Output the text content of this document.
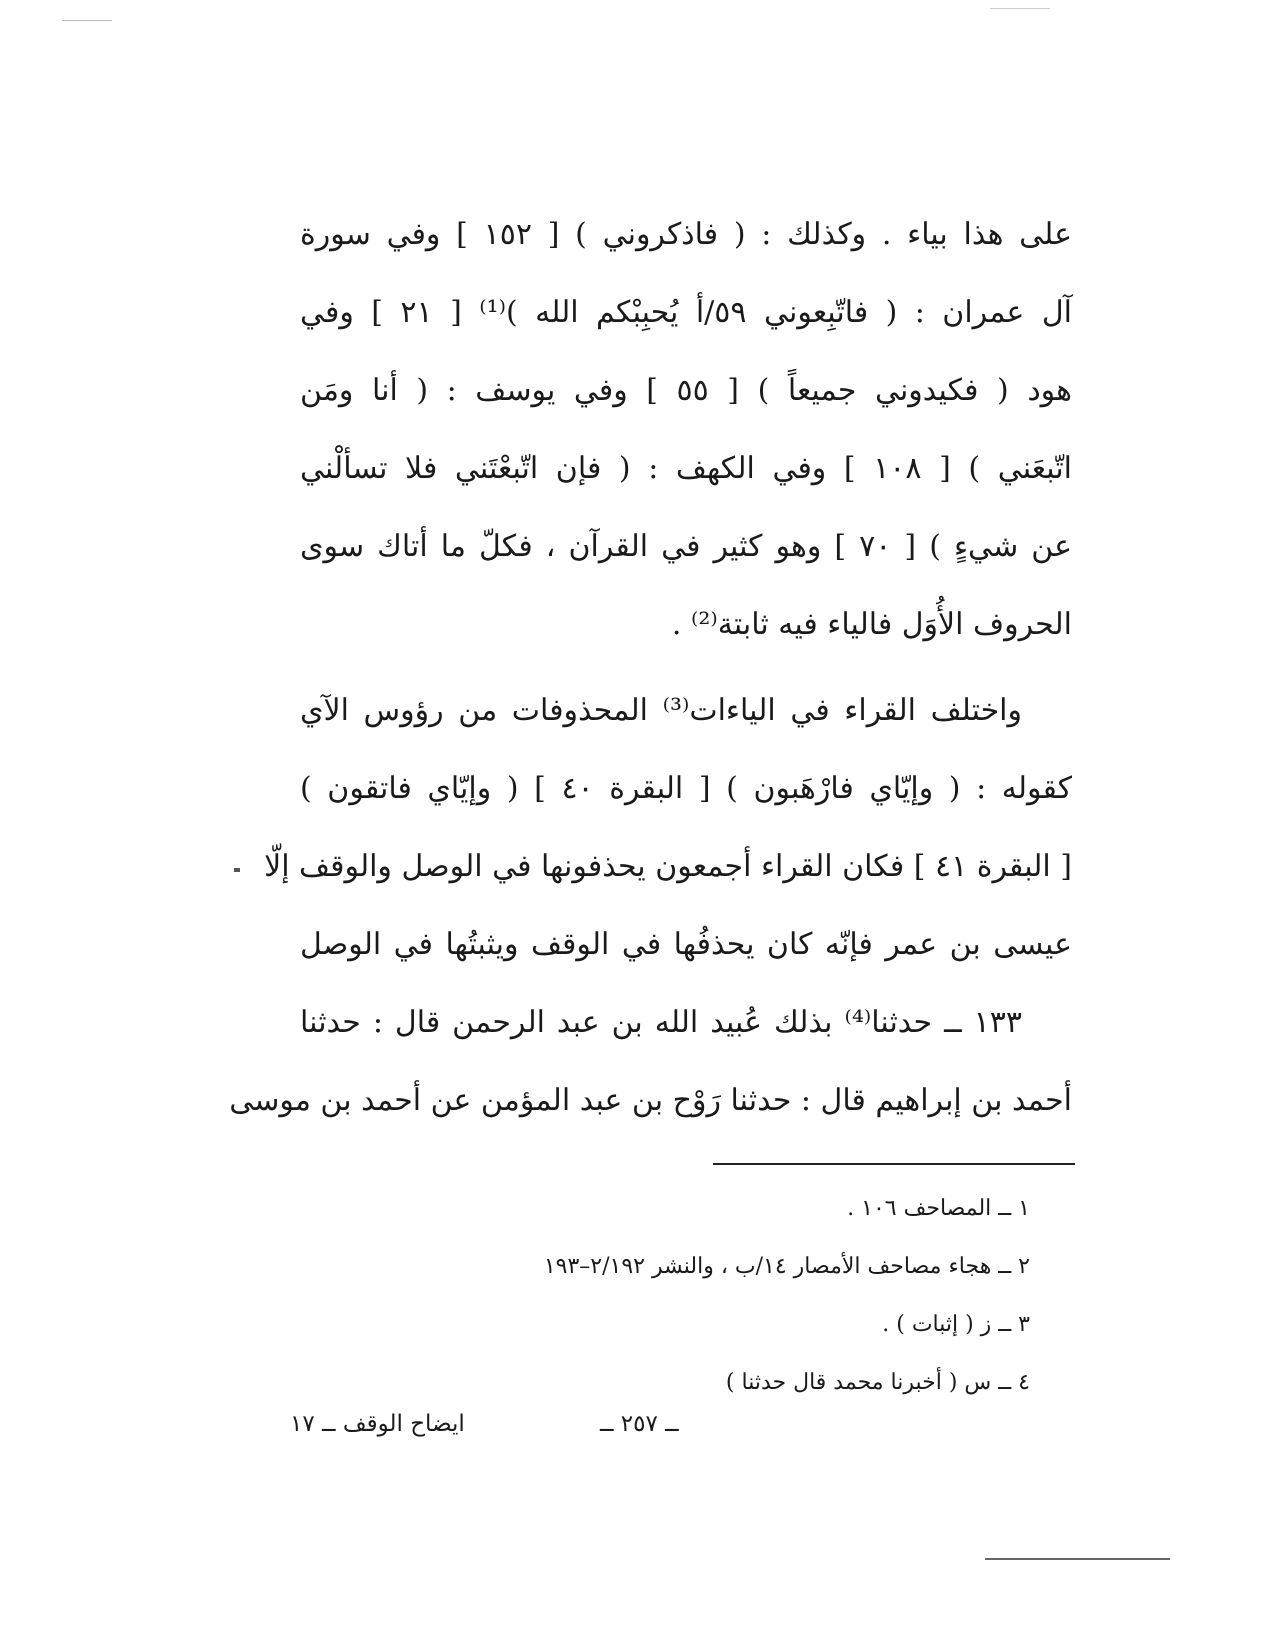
على هذا بياء . وكذلك : ( فاذكروني ) [ ١٥٢ ] وفي سورة
آل عمران : ( فاتّبِعوني ٥٩/أ يُحبِبْكم الله )⁽¹⁾ [ ٢١ ] وفي
هود ( فكيدوني جميعاً ) [ ٥٥ ] وفي يوسف : ( أنا ومَن
اتّبعَني ) [ ١٠٨ ] وفي الكهف : ( فإن اتّبعْتَني فلا تسألْني
عن شيءٍ ) [ ٧٠ ] وهو كثير في القرآن ، فكلّ ما أتاك سوى
الحروف الأُوَل فالياء فيه ثابتة⁽²⁾ .
واختلف القراء في الياءات⁽³⁾ المحذوفات من رؤوس الآي
كقوله : ( وإيّاي فارْهَبون ) [ البقرة ٤٠ ] ( وإيّاي فاتقون )
[ البقرة ٤١ ] فكان القراء أجمعون يحذفونها في الوصل والوقف إلّا
عيسى بن عمر فإنّه كان يحذفُها في الوقف ويثبتُها في الوصل
١٣٣ ــ حدثنا⁽⁴⁾ بذلك عُبيد الله بن عبد الرحمن قال : حدثنا
أحمد بن إبراهيم قال : حدثنا رَوْح بن عبد المؤمن عن أحمد بن موسى
١ ــ المصاحف ١٠٦ .
٢ ــ هجاء مصاحف الأمصار ١٤/ب ، والنشر ٢/١٩٢–١٩٣
٣ ــ ز ( إثبات ) .
٤ ــ س ( أخبرنا محمد قال حدثنا )
ــ ٢٥٧ ــ
ايضاح الوقف ــ ١٧
